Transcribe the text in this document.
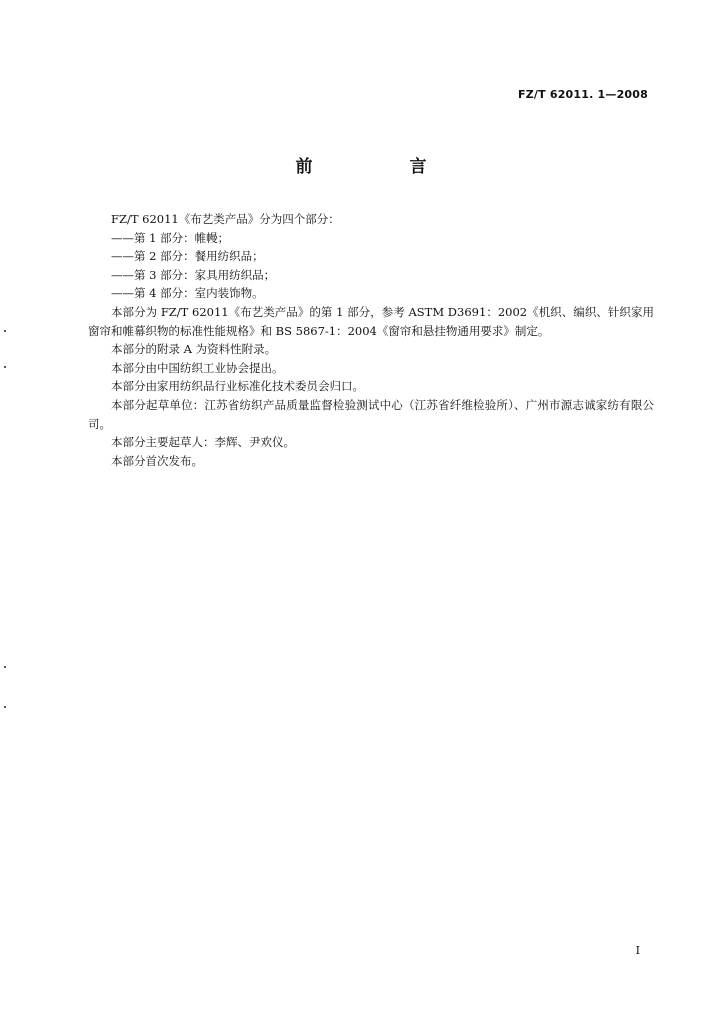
FZ/T 62011. 1—2008
前　言

FZ/T 62011《布艺类产品》分为四个部分：

——第 1 部分：帷幔；

——第 2 部分：餐用纺织品；

——第 3 部分：家具用纺织品；

——第 4 部分：室内装饰物。

本部分为 FZ/T 62011《布艺类产品》的第 1 部分，参考 ASTM D3691：2002《机织、编织、针织家用窗帘和帷幕织物的标准性能规格》和 BS 5867-1：2004《窗帘和悬挂物通用要求》制定。

本部分的附录 A 为资料性附录。

本部分由中国纺织工业协会提出。

本部分由家用纺织品行业标准化技术委员会归口。

本部分起草单位：江苏省纺织产品质量监督检验测试中心（江苏省纤维检验所）、广州市源志诚家纺有限公司。

本部分主要起草人：李辉、尹欢仪。

本部分首次发布。

I
